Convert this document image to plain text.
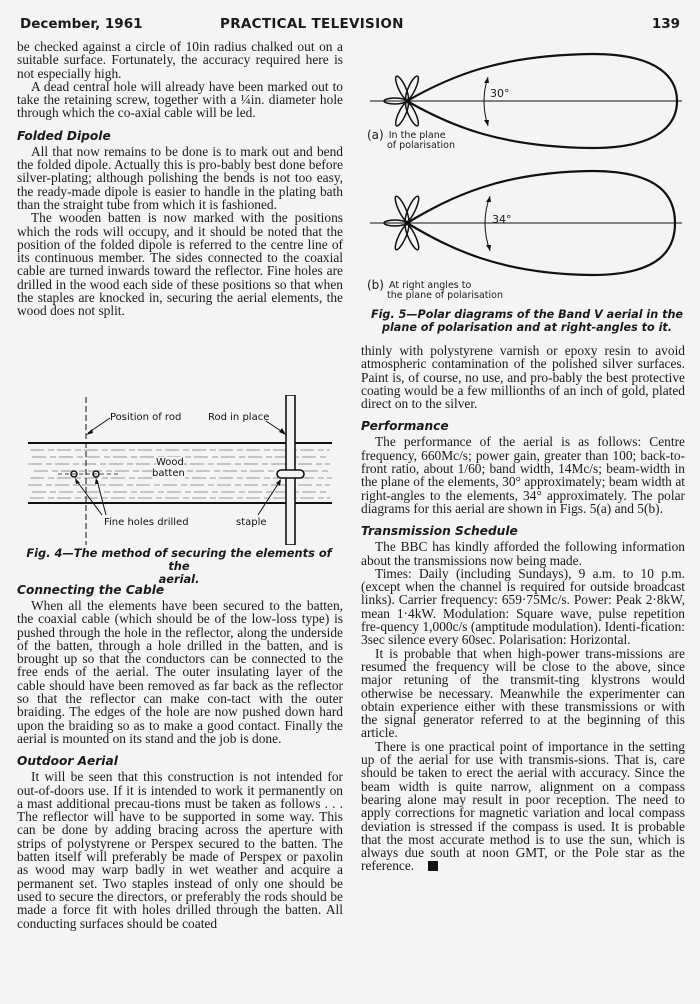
December, 1961	PRACTICAL TELEVISION	139

be checked against a circle of 10in radius chalked out on a suitable surface. Fortunately, the accuracy required here is not especially high.

A dead central hole will already have been marked out to take the retaining screw, together with a ¼in. diameter hole through which the co-axial cable will be led.

Folded Dipole

All that now remains to be done is to mark out and bend the folded dipole. Actually this is pro-bably best done before silver-plating; although polishing the bends is not too easy, the ready-made dipole is easier to handle in the plating bath than the straight tube from which it is fashioned.

The wooden batten is now marked with the positions which the rods will occupy, and it should be noted that the position of the folded dipole is referred to the centre line of its continuous member. The sides connected to the coaxial cable are turned inwards toward the reflector. Fine holes are drilled in the wood each side of these positions so that when the staples are knocked in, securing the aerial elements, the wood does not split.

Position of rod	Rod in place
Wood
batten
Fine holes drilled	staple
Fig. 4—The method of securing the elements of the
aerial.
Connecting the Cable

When all the elements have been secured to the batten, the coaxial cable (which should be of the low-loss type) is pushed through the hole in the reflector, along the underside of the batten, through a hole drilled in the batten, and is brought up so that the conductors can be connected to the free ends of the aerial. The outer insulating layer of the cable should have been removed as far back as the reflector so that the reflector can make con-tact with the outer braiding. The edges of the hole are now pushed down hard upon the braiding so as to make a good contact. Finally the aerial is mounted on its stand and the job is done.

Outdoor Aerial

It will be seen that this construction is not intended for out-of-doors use. If it is intended to work it permanently on a mast additional precau-tions must be taken as follows . . . The reflector will have to be supported in some way. This can be done by adding bracing across the aperture with strips of polystyrene or Perspex secured to the batten. The batten itself will preferably be made of Perspex or paxolin as wood may warp badly in wet weather and acquire a permanent set. Two staples instead of only one should be used to secure the directors, or preferably the rods should be made a force fit with holes drilled through the batten. All conducting surfaces should be coated

30°
34°
(a) In the plane
of polarisation
(b) At right angles to
the plane of polarisation
Fig. 5—Polar diagrams of the Band V aerial in the
plane of polarisation and at right-angles to it.

thinly with polystyrene varnish or epoxy resin to avoid atmospheric contamination of the polished silver surfaces. Paint is, of course, no use, and pro-bably the best protective coating would be a few millionths of an inch of gold, plated direct on to the silver.

Performance

The performance of the aerial is as follows: Centre frequency, 660Mc/s; power gain, greater than 100; back-to-front ratio, about 1/60; band width, 14Mc/s; beam-width in the plane of the elements, 30° approximately; beam width at right-angles to the elements, 34° approximately. The polar diagrams for this aerial are shown in Figs. 5(a) and 5(b).

Transmission Schedule

The BBC has kindly afforded the following information about the transmissions now being made.

Times: Daily (including Sundays), 9 a.m. to 10 p.m. (except when the channel is required for outside broadcast links). Carrier frequency: 659·75Mc/s. Power: Peak 2·8kW, mean 1·4kW. Modulation: Square wave, pulse repetition fre-quency 1,000c/s (amptitude modulation). Identi-fication: 3sec silence every 60sec. Polarisation: Horizontal.

It is probable that when high-power trans-missions are resumed the frequency will be close to the above, since major retuning of the transmit-ting klystrons would otherwise be necessary. Meanwhile the experimenter can obtain experience either with these transmissions or with the signal generator referred to at the beginning of this article.

There is one practical point of importance in the setting up of the aerial for use with transmis-sions. That is, care should be taken to erect the aerial with accuracy. Since the beam width is quite narrow, alignment on a compass bearing alone may result in poor reception. The need to apply corrections for magnetic variation and local compass deviation is stressed if the compass is used. It is probable that the most accurate method is to use the sun, which is always due south at noon GMT, or the Pole star as the reference.
